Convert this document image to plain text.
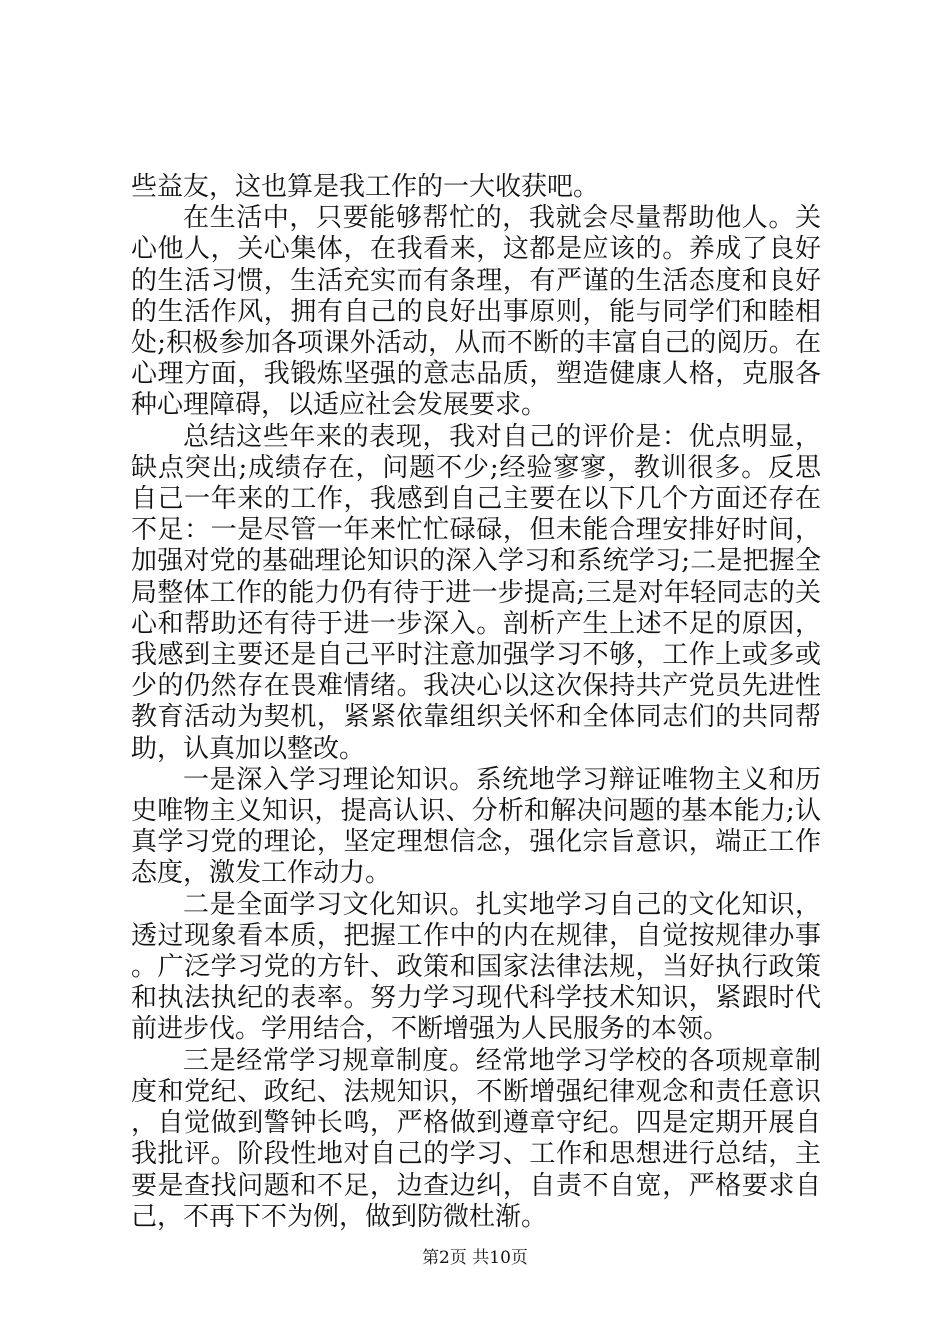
些益友，这也算是我工作的一大收获吧。

在生活中，只要能够帮忙的，我就会尽量帮助他人。关心他人，关心集体，在我看来，这都是应该的。养成了良好的生活习惯，生活充实而有条理，有严谨的生活态度和良好的生活作风，拥有自己的良好出事原则，能与同学们和睦相处;积极参加各项课外活动，从而不断的丰富自己的阅历。在心理方面，我锻炼坚强的意志品质，塑造健康人格，克服各种心理障碍，以适应社会发展要求。

总结这些年来的表现，我对自己的评价是：优点明显，缺点突出;成绩存在，问题不少;经验寥寥，教训很多。反思自己一年来的工作，我感到自己主要在以下几个方面还存在不足：一是尽管一年来忙忙碌碌，但未能合理安排好时间，加强对党的基础理论知识的深入学习和系统学习;二是把握全局整体工作的能力仍有待于进一步提高;三是对年轻同志的关心和帮助还有待于进一步深入。剖析产生上述不足的原因，我感到主要还是自己平时注意加强学习不够，工作上或多或少的仍然存在畏难情绪。我决心以这次保持共产党员先进性教育活动为契机，紧紧依靠组织关怀和全体同志们的共同帮助，认真加以整改。

一是深入学习理论知识。系统地学习辩证唯物主义和历史唯物主义知识，提高认识、分析和解决问题的基本能力;认真学习党的理论，坚定理想信念，强化宗旨意识，端正工作态度，激发工作动力。

二是全面学习文化知识。扎实地学习自己的文化知识，透过现象看本质，把握工作中的内在规律，自觉按规律办事。广泛学习党的方针、政策和国家法律法规，当好执行政策和执法执纪的表率。努力学习现代科学技术知识，紧跟时代前进步伐。学用结合，不断增强为人民服务的本领。

三是经常学习规章制度。经常地学习学校的各项规章制度和党纪、政纪、法规知识，不断增强纪律观念和责任意识，自觉做到警钟长鸣，严格做到遵章守纪。四是定期开展自我批评。阶段性地对自己的学习、工作和思想进行总结，主要是查找问题和不足，边查边纠，自责不自宽，严格要求自己，不再下不为例，做到防微杜渐。

第2页 共10页
